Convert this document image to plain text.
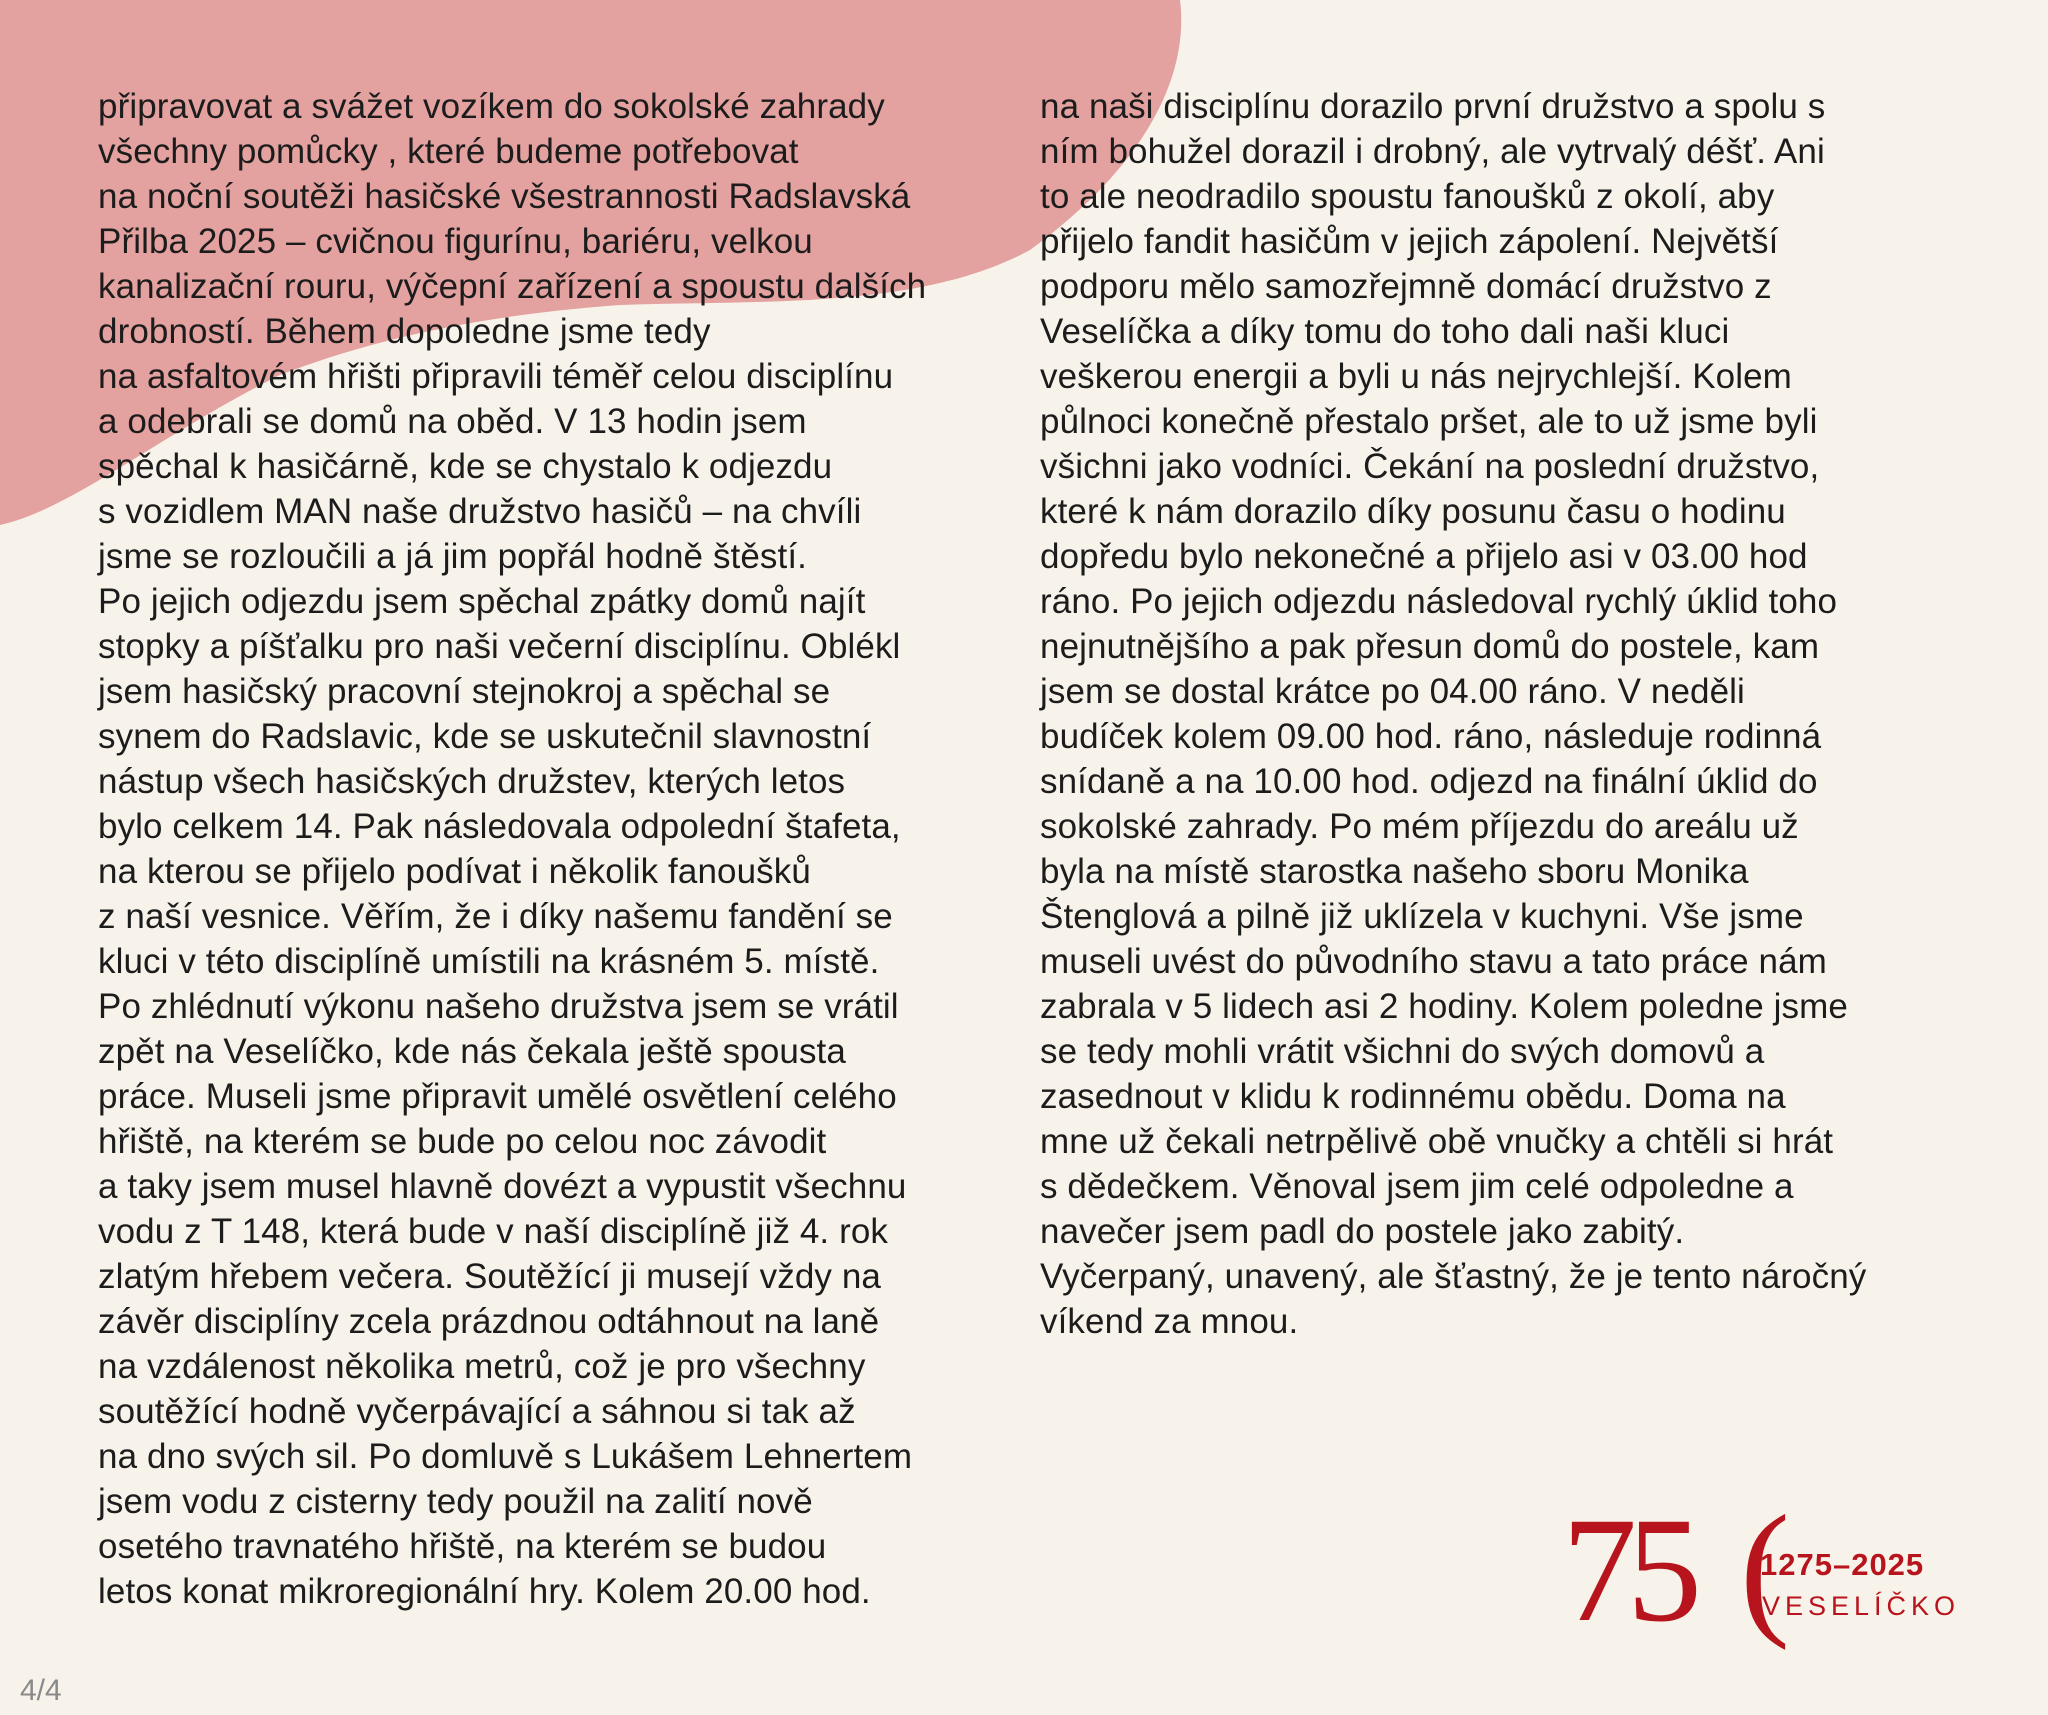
připravovat a svážet vozíkem do sokolské zahrady
všechny pomůcky , které budeme potřebovat
na noční soutěži hasičské všestrannosti Radslavská
Přilba 2025 – cvičnou figurínu, bariéru, velkou
kanalizační rouru, výčepní zařízení a spoustu dalších
drobností. Během dopoledne jsme tedy
na asfaltovém hřišti připravili téměř celou disciplínu
a odebrali se domů na oběd. V 13 hodin jsem
spěchal k hasičárně, kde se chystalo k odjezdu
s vozidlem MAN naše družstvo hasičů – na chvíli
jsme se rozloučili a já jim popřál hodně štěstí.
Po jejich odjezdu jsem spěchal zpátky domů najít
stopky a píšťalku pro naši večerní disciplínu. Oblékl
jsem hasičský pracovní stejnokroj a spěchal se
synem do Radslavic, kde se uskutečnil slavnostní
nástup všech hasičských družstev, kterých letos
bylo celkem 14. Pak následovala odpolední štafeta,
na kterou se přijelo podívat i několik fanoušků
z naší vesnice. Věřím, že i díky našemu fandění se
kluci v této disciplíně umístili na krásném 5. místě.
Po zhlédnutí výkonu našeho družstva jsem se vrátil
zpět na Veselíčko, kde nás čekala ještě spousta
práce. Museli jsme připravit umělé osvětlení celého
hřiště, na kterém se bude po celou noc závodit
a taky jsem musel hlavně dovézt a vypustit všechnu
vodu z T 148, která bude v naší disciplíně již 4. rok
zlatým hřebem večera. Soutěžící ji musejí vždy na
závěr disciplíny zcela prázdnou odtáhnout na laně
na vzdálenost několika metrů, což je pro všechny
soutěžící hodně vyčerpávající a sáhnou si tak až
na dno svých sil. Po domluvě s Lukášem Lehnertem
jsem vodu z cisterny tedy použil na zalití nově
osetého travnatého hřiště, na kterém se budou
letos konat mikroregionální hry. Kolem 20.00 hod.
na naši disciplínu dorazilo první družstvo a spolu s
ním bohužel dorazil i drobný, ale vytrvalý déšť. Ani
to ale neodradilo spoustu fanoušků z okolí, aby
přijelo fandit hasičům v jejich zápolení. Největší
podporu mělo samozřejmně domácí družstvo z
Veselíčka a díky tomu do toho dali naši kluci
veškerou energii a byli u nás nejrychlejší. Kolem
půlnoci konečně přestalo pršet, ale to už jsme byli
všichni jako vodníci. Čekání na poslední družstvo,
které k nám dorazilo díky posunu času o hodinu
dopředu bylo nekonečné a přijelo asi v 03.00 hod
ráno. Po jejich odjezdu následoval rychlý úklid toho
nejnutnějšího a pak přesun domů do postele, kam
jsem se dostal krátce po 04.00 ráno. V neděli
budíček kolem 09.00 hod. ráno, následuje rodinná
snídaně a na 10.00 hod. odjezd na finální úklid do
sokolské zahrady. Po mém příjezdu do areálu už
byla na místě starostka našeho sboru Monika
Štenglová a pilně již uklízela v kuchyni. Vše jsme
museli uvést do původního stavu a tato práce nám
zabrala v 5 lidech asi 2 hodiny. Kolem poledne jsme
se tedy mohli vrátit všichni do svých domovů a
zasednout v klidu k rodinnému obědu. Doma na
mne už čekali netrpělivě obě vnučky a chtěli si hrát
s dědečkem. Věnoval jsem jim celé odpoledne a
navečer jsem padl do postele jako zabitý.
Vyčerpaný, unavený, ale šťastný, že je tento náročný
víkend za mnou.
4/4
75 (
1275–2025
VESELÍČKO
